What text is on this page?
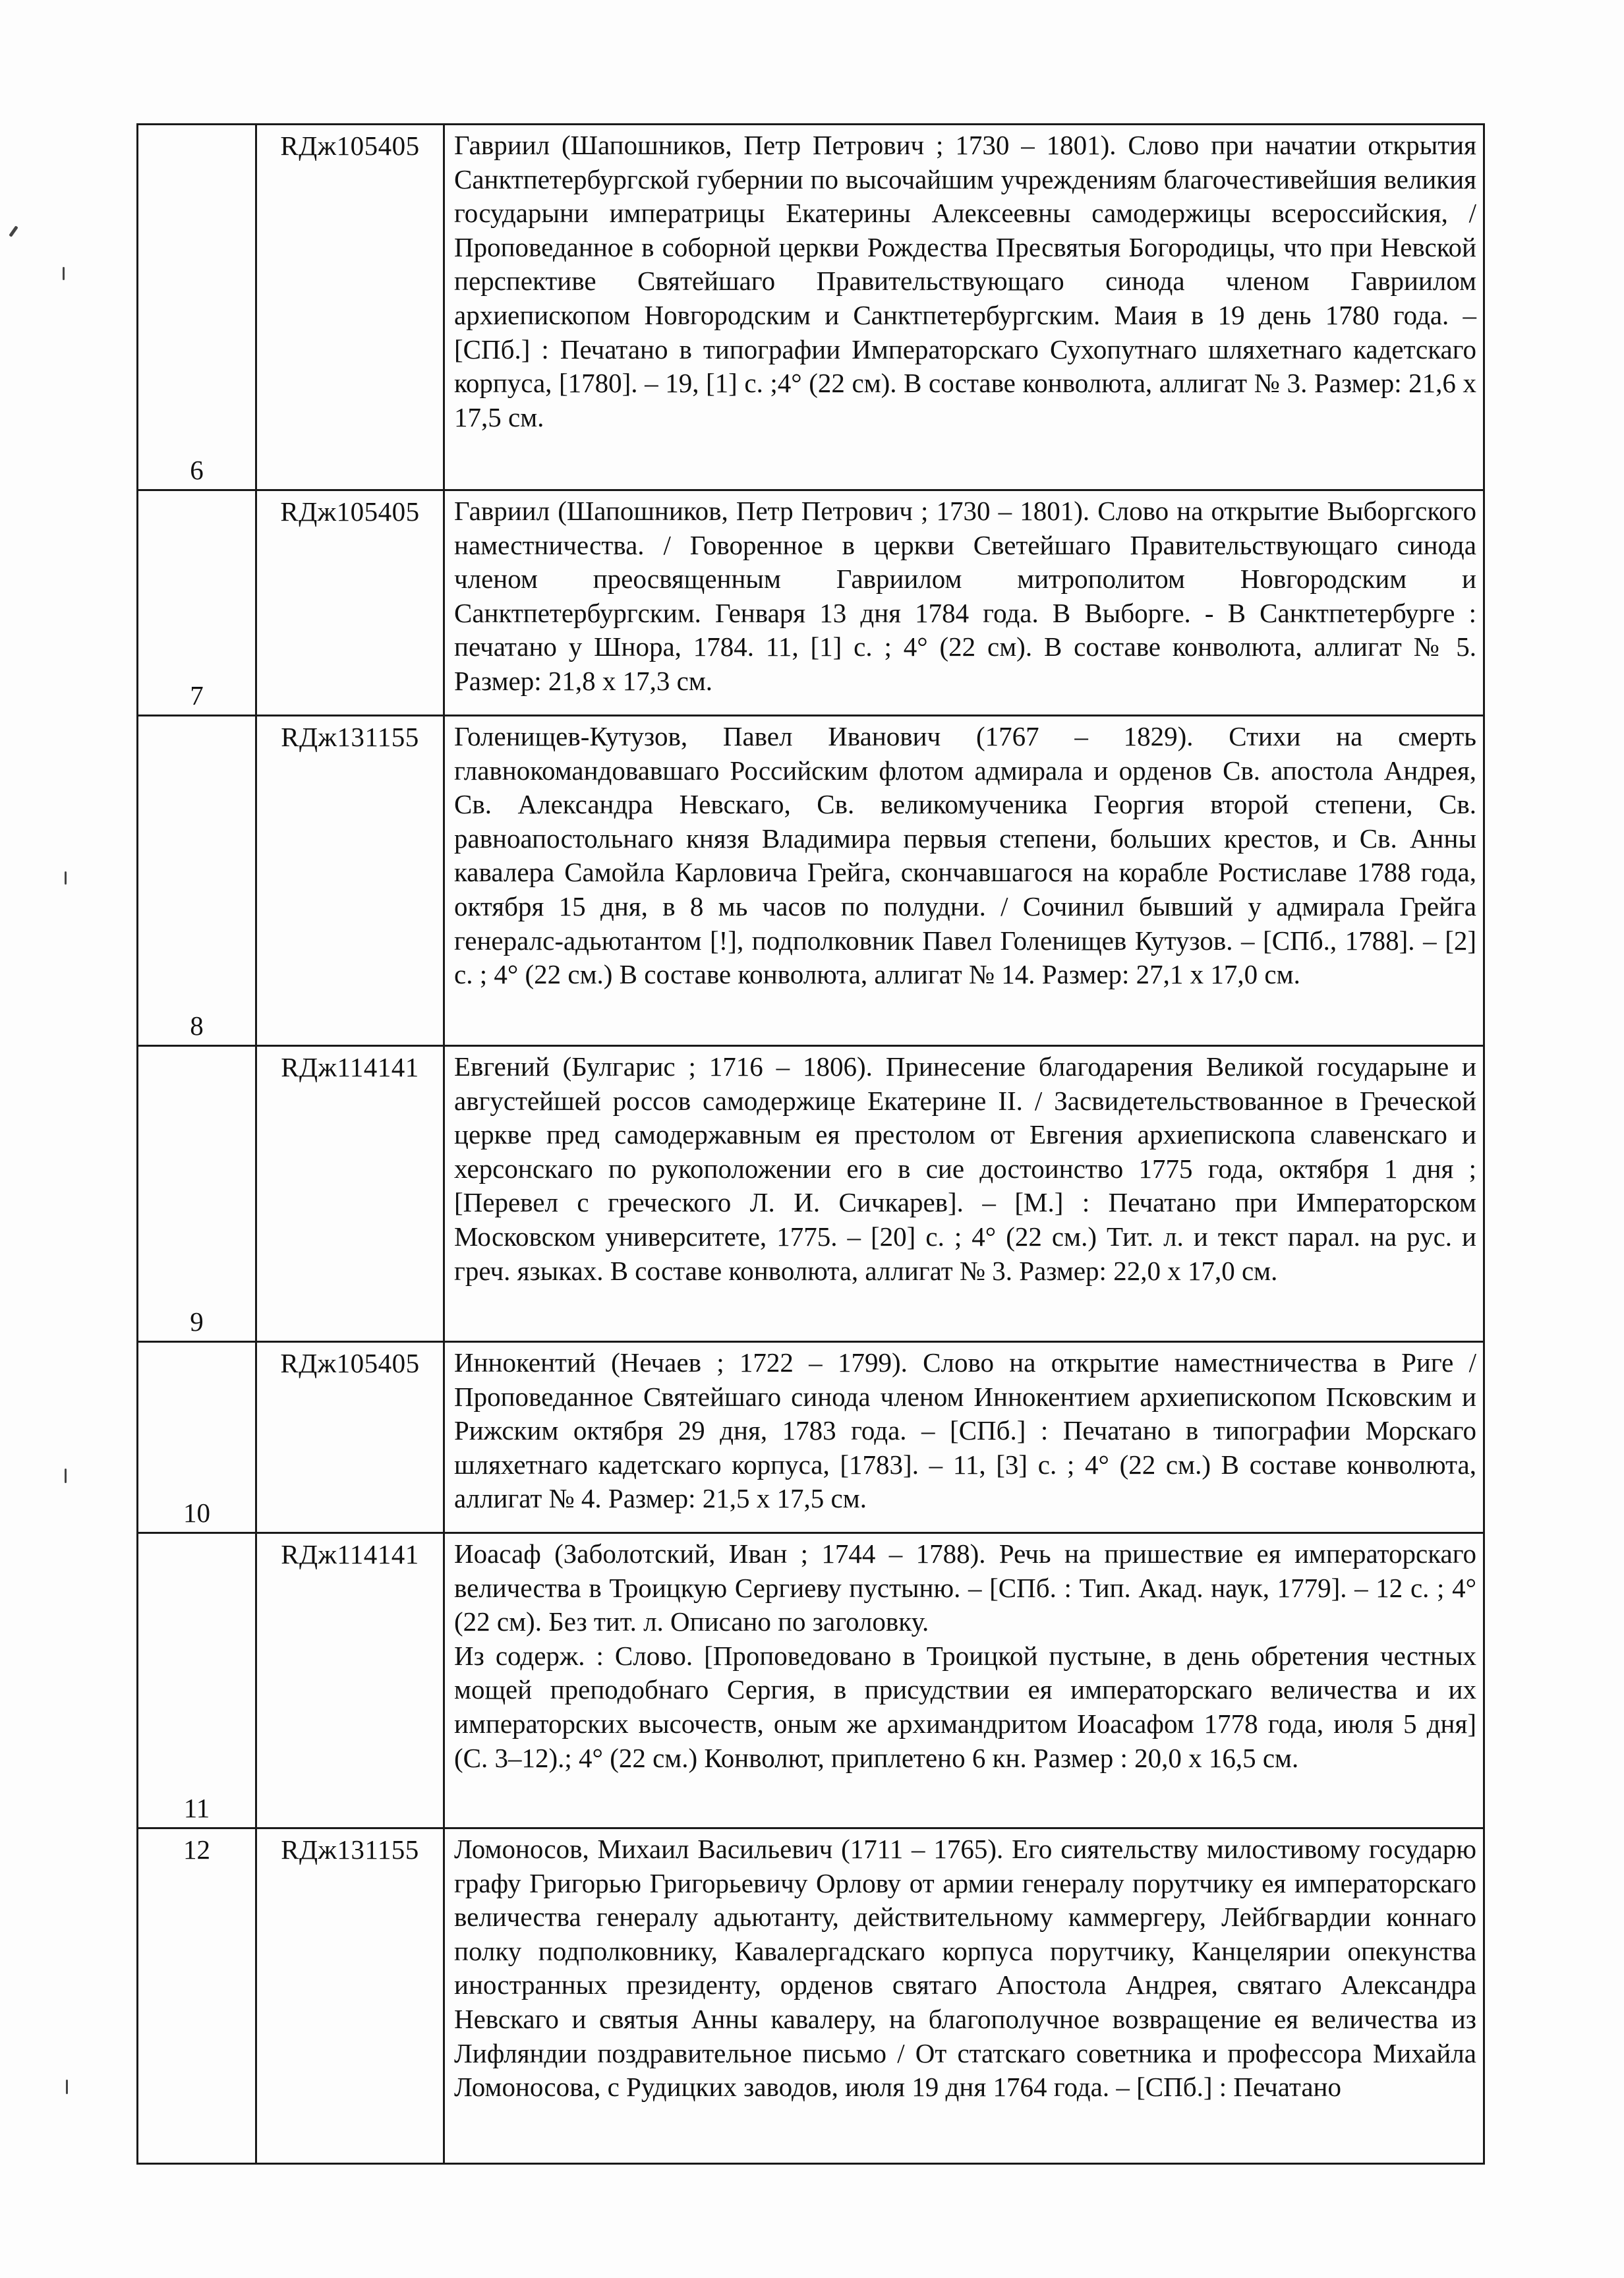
6	RДж105405	Гавриил (Шапошников, Петр Петрович ; 1730 – 1801). Слово при начатии открытия Санктпетербургской губернии по высочайшим учреждениям благочестивейшия великия государыни императрицы Екатерины Алексеевны самодержицы всероссийския, / Проповеданное в соборной церкви Рождества Пресвятыя Богородицы, что при Невской перспективе Святейшаго Правительствующаго синода членом Гавриилом архиепископом Новгородским и Санктпетербургским. Маия в 19 день 1780 года. – [СПб.] : Печатано в типографии Императорскаго Сухопутнаго шляхетнаго кадетскаго корпуса, [1780]. – 19, [1] с. ;4° (22 см). В составе конволюта, аллигат № 3. Размер: 21,6 х 17,5 см.

7	RДж105405	Гавриил (Шапошников, Петр Петрович ; 1730 – 1801). Слово на открытие Выборгского наместничества. / Говоренное в церкви Светейшаго Правительствующаго синода членом преосвященным Гавриилом митрополитом Новгородским и Санктпетербургским. Генваря 13 дня 1784 года. В Выборге. - В Санктпетербурге : печатано у Шнора, 1784. 11, [1] с. ; 4° (22 см). В составе конволюта, аллигат № 5. Размер: 21,8 х 17,3 см.

8	RДж131155	Голенищев-Кутузов, Павел Иванович (1767 – 1829). Стихи на смерть главнокомандовавшаго Российским флотом адмирала и орденов Св. апостола Андрея, Св. Александра Невскаго, Св. великомученика Георгия второй степени, Св. равноапостольнаго князя Владимира первыя степени, больших крестов, и Св. Анны кавалера Самойла Карловича Грейга, скончавшагося на корабле Ростиславе 1788 года, октября 15 дня, в 8 мь часов по полудни. / Сочинил бывший у адмирала Грейга генералс-адьютантом [!], подполковник Павел Голенищев Кутузов. – [СПб., 1788]. – [2] с. ; 4° (22 см.) В составе конволюта, аллигат № 14. Размер: 27,1 х 17,0 см.

9	RДж114141	Евгений (Булгарис ; 1716 – 1806). Принесение благодарения Великой государыне и августейшей россов самодержице Екатерине II. / Засвидетельствованное в Греческой церкве пред самодержавным ея престолом от Евгения архиепископа славенскаго и херсонскаго по рукоположении его в сие достоинство 1775 года, октября 1 дня ; [Перевел с греческого Л. И. Сичкарев]. – [М.] : Печатано при Императорском Московском университете, 1775. – [20] с. ; 4° (22 см.) Тит. л. и текст парал. на рус. и греч. языках. В составе конволюта, аллигат № 3. Размер: 22,0 х 17,0 см.

10	RДж105405	Иннокентий (Нечаев ; 1722 – 1799). Слово на открытие наместничества в Риге / Проповеданное Святейшаго синода членом Иннокентием архиепископом Псковским и Рижским октября 29 дня, 1783 года. – [СПб.] : Печатано в типографии Морскаго шляхетнаго кадетскаго корпуса, [1783]. – 11, [3] с. ; 4° (22 см.) В составе конволюта, аллигат № 4. Размер: 21,5 х 17,5 см.

11	RДж114141	Иоасаф (Заболотский, Иван ; 1744 – 1788). Речь на пришествие ея императорскаго величества в Троицкую Сергиеву пустыню. – [СПб. : Тип. Акад. наук, 1779]. – 12 с. ; 4° (22 см). Без тит. л. Описано по заголовку.

Из содерж. : Слово. [Проповедовано в Троицкой пустыне, в день обретения честных мощей преподобнаго Сергия, в присудствии ея императорскаго величества и их императорских высочеств, оным же архимандритом Иоасафом 1778 года, июля 5 дня] (С. 3–12).; 4° (22 см.) Конволют, приплетено 6 кн. Размер : 20,0 х 16,5 см.

12	RДж131155	Ломоносов, Михаил Васильевич (1711 – 1765). Его сиятельству милостивому государю графу Григорью Григорьевичу Орлову от армии генералу порутчику ея императорскаго величества генералу адьютанту, действительному каммергеру, Лейбгвардии коннаго полку подполковнику, Кавалергадскаго корпуса порутчику, Канцелярии опекунства иностранных президенту, орденов святаго Апостола Андрея, святаго Александра Невскаго и святыя Анны кавалеру, на благополучное возвращение ея величества из Лифляндии поздравительное письмо / От статскаго советника и профессора Михайла Ломоносова, с Рудицких заводов, июля 19 дня 1764 года. – [СПб.] : Печатано
